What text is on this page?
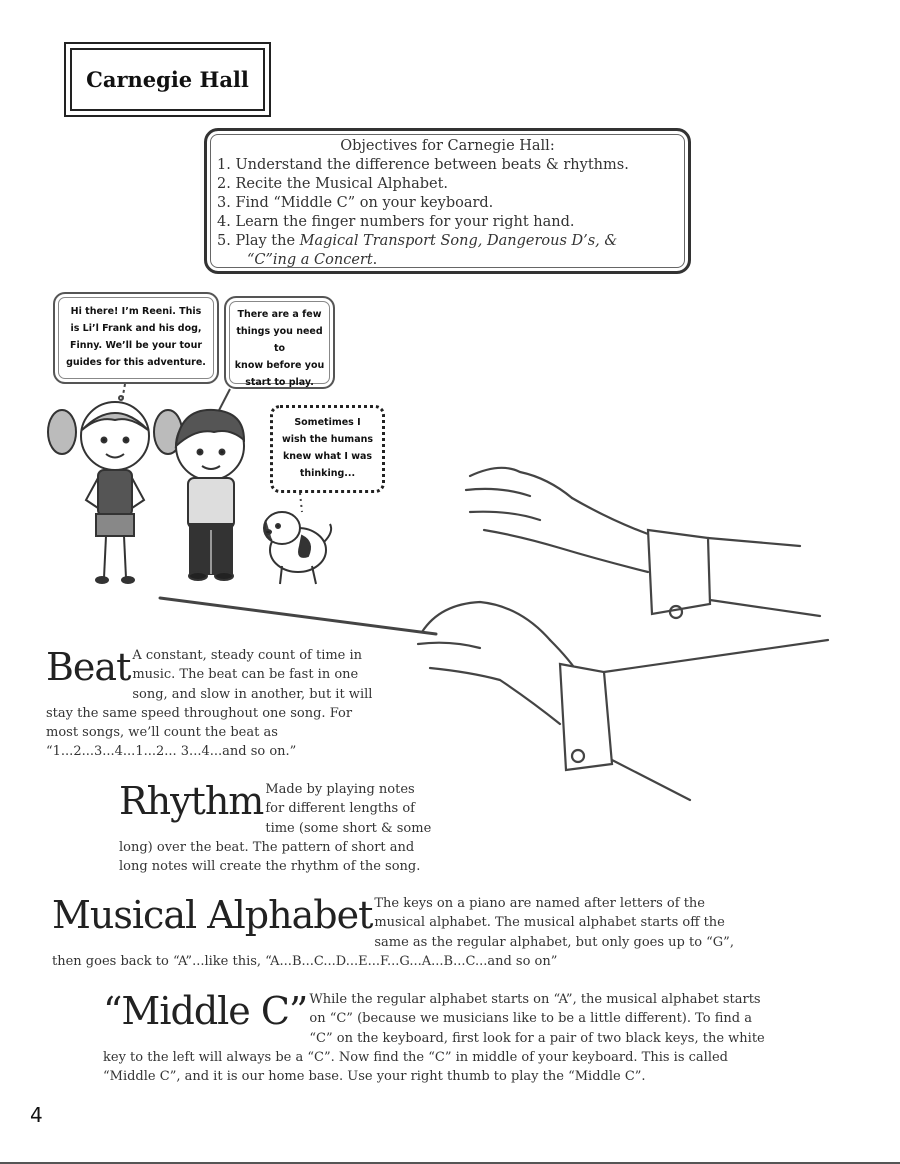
Carnegie Hall
Objectives for Carnegie Hall:
1. Understand the difference between beats & rhythms.
2. Recite the Musical Alphabet.
3. Find “Middle C” on your keyboard.
4. Learn the finger numbers for your right hand.
5. Play the Magical Transport Song, Dangerous D’s, &
“C”ing a Concert.
Hi there! I’m Reeni. This
is Li’l Frank and his dog,
Finny. We’ll be your tour
guides for this adventure.
There are a few
things you need to
know before you
start to play.
Sometimes I
wish the humans
knew what I was
thinking...
Beat A constant, steady count of time in music. The beat can be fast in one song, and slow in another, but it will stay the same speed throughout one song. For most songs, we’ll count the beat as “1...2...3...4...1...2... 3...4...and so on.”
Rhythm Made by playing notes for different lengths of time (some short & some long) over the beat. The pattern of short and long notes will create the rhythm of the song.
Musical Alphabet The keys on a piano are named after letters of the musical alphabet. The musical alphabet starts off the same as the regular alphabet, but only goes up to “G”, then goes back to “A”...like this, “A...B...C...D...E...F...G...A...B...C...and so on”
“Middle C” While the regular alphabet starts on “A”, the musical alphabet starts on “C” (because we musicians like to be a little different). To find a “C” on the keyboard, first look for a pair of two black keys, the white key to the left will always be a “C”. Now find the “C” in middle of your keyboard. This is called “Middle C”, and it is our home base. Use your right thumb to play the “Middle C”.
4
